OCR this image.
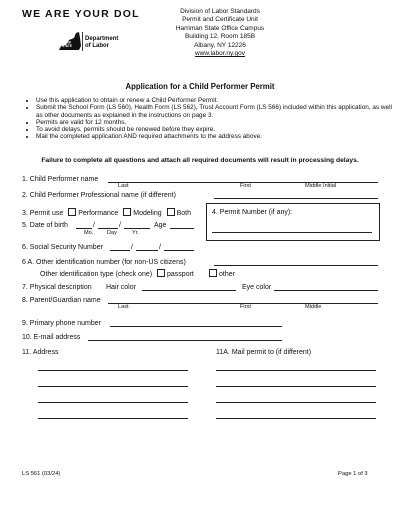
WE ARE YOUR DOL
NEW
YORK
STATE
Department
of Labor
Division of Labor Standards
Permit and Certificate Unit
Harriman State Office Campus
Building 12, Room 185B
Albany, NY 12226
www.labor.ny.gov
Application for a Child Performer Permit
• Use this application to obtain or renew a Child Performer Permit.
• Submit the School Form (LS 560), Health Form (LS 562), Trust Account Form (LS 566) included within this application, as well as other documents as explained in the instructions on page 3.
• Permits are valid for 12 months.
• To avoid delays, permits should be renewed before they expire.
• Mail the completed application AND required attachments to the address above.
Failure to complete all questions and attach all required documents will result in processing delays.
1. Child Performer name
Last	First	Middle Initial
2. Child Performer Professional name (if different)
3. Permit use Performance Modeling Both	4. Permit Number (if any):
5. Date of birth	/	/	Age
Mo. Day	Yr.
6. Social Security Number	/	/
6 A. Other identification number (for non-US citizens)
Other identification type (check one) passport	other
7. Physical description Hair color	Eye color
8. Parent/Guardian name
Last	First	Middle
9. Primary phone number
10. E-mail address
11. Address	11A. Mail permit to (if different)
LS 561 (03/24)	Page 1 of 3
